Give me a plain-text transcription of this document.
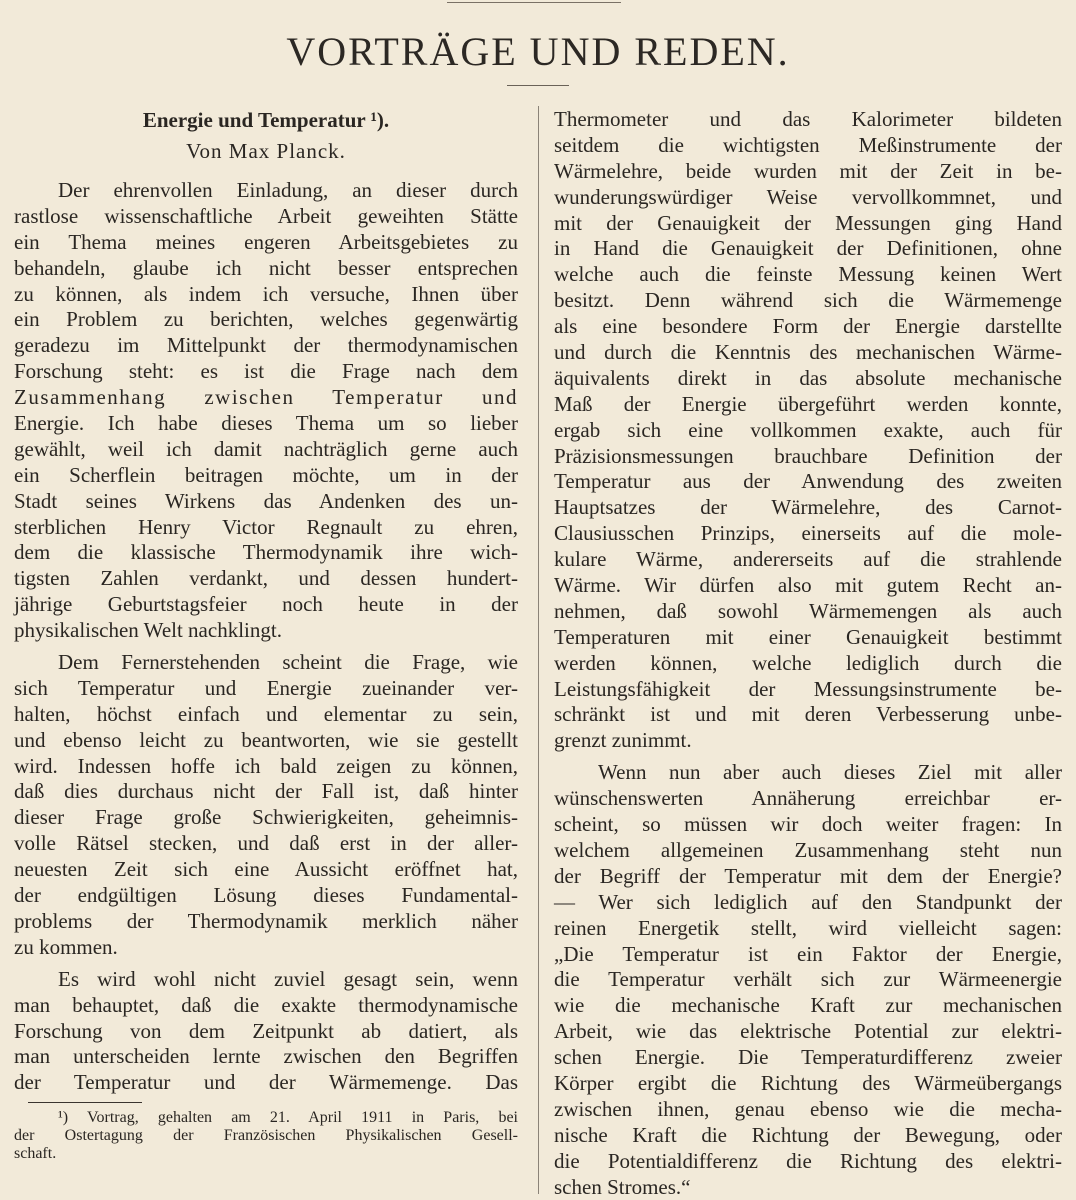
VORTRÄGE UND REDEN.
Energie und Temperatur ¹).
Von Max Planck.
Der ehrenvollen Einladung, an dieser durch
rastlose wissenschaftliche Arbeit geweihten Stätte
ein Thema meines engeren Arbeitsgebietes zu
behandeln, glaube ich nicht besser entsprechen
zu können, als indem ich versuche, Ihnen über
ein Problem zu berichten, welches gegenwärtig
geradezu im Mittelpunkt der thermodynamischen
Forschung steht: es ist die Frage nach dem
Zusammenhang zwischen Temperatur und
Energie. Ich habe dieses Thema um so lieber
gewählt, weil ich damit nachträglich gerne auch
ein Scherflein beitragen möchte, um in der
Stadt seines Wirkens das Andenken des un-
sterblichen Henry Victor Regnault zu ehren,
dem die klassische Thermodynamik ihre wich-
tigsten Zahlen verdankt, und dessen hundert-
jährige Geburtstagsfeier noch heute in der
physikalischen Welt nachklingt.
Dem Fernerstehenden scheint die Frage, wie
sich Temperatur und Energie zueinander ver-
halten, höchst einfach und elementar zu sein,
und ebenso leicht zu beantworten, wie sie gestellt
wird. Indessen hoffe ich bald zeigen zu können,
daß dies durchaus nicht der Fall ist, daß hinter
dieser Frage große Schwierigkeiten, geheimnis-
volle Rätsel stecken, und daß erst in der aller-
neuesten Zeit sich eine Aussicht eröffnet hat,
der endgültigen Lösung dieses Fundamental-
problems der Thermodynamik merklich näher
zu kommen.
Es wird wohl nicht zuviel gesagt sein, wenn
man behauptet, daß die exakte thermodynamische
Forschung von dem Zeitpunkt ab datiert, als
man unterscheiden lernte zwischen den Begriffen
der Temperatur und der Wärmemenge. Das
¹) Vortrag, gehalten am 21. April 1911 in Paris, bei
der Ostertagung der Französischen Physikalischen Gesell-
schaft.
Thermometer und das Kalorimeter bildeten
seitdem die wichtigsten Meßinstrumente der
Wärmelehre, beide wurden mit der Zeit in be-
wunderungswürdiger Weise vervollkommnet, und
mit der Genauigkeit der Messungen ging Hand
in Hand die Genauigkeit der Definitionen, ohne
welche auch die feinste Messung keinen Wert
besitzt. Denn während sich die Wärmemenge
als eine besondere Form der Energie darstellte
und durch die Kenntnis des mechanischen Wärme-
äquivalents direkt in das absolute mechanische
Maß der Energie übergeführt werden konnte,
ergab sich eine vollkommen exakte, auch für
Präzisionsmessungen brauchbare Definition der
Temperatur aus der Anwendung des zweiten
Hauptsatzes der Wärmelehre, des Carnot-
Clausiusschen Prinzips, einerseits auf die mole-
kulare Wärme, andererseits auf die strahlende
Wärme. Wir dürfen also mit gutem Recht an-
nehmen, daß sowohl Wärmemengen als auch
Temperaturen mit einer Genauigkeit bestimmt
werden können, welche lediglich durch die
Leistungsfähigkeit der Messungsinstrumente be-
schränkt ist und mit deren Verbesserung unbe-
grenzt zunimmt.
Wenn nun aber auch dieses Ziel mit aller
wünschenswerten Annäherung erreichbar er-
scheint, so müssen wir doch weiter fragen: In
welchem allgemeinen Zusammenhang steht nun
der Begriff der Temperatur mit dem der Energie?
— Wer sich lediglich auf den Standpunkt der
reinen Energetik stellt, wird vielleicht sagen:
„Die Temperatur ist ein Faktor der Energie,
die Temperatur verhält sich zur Wärmeenergie
wie die mechanische Kraft zur mechanischen
Arbeit, wie das elektrische Potential zur elektri-
schen Energie. Die Temperaturdifferenz zweier
Körper ergibt die Richtung des Wärmeübergangs
zwischen ihnen, genau ebenso wie die mecha-
nische Kraft die Richtung der Bewegung, oder
die Potentialdifferenz die Richtung des elektri-
schen Stromes.“
